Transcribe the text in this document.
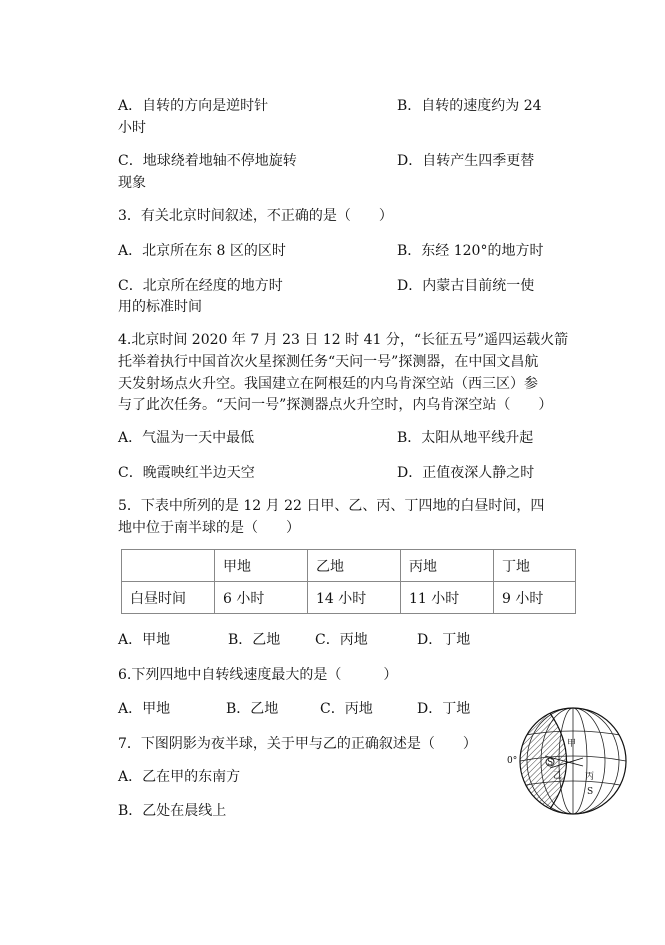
A．自转的方向是逆时针	B．自转的速度约为 24
小时
C．地球绕着地轴不停地旋转	D．自转产生四季更替
现象
3．有关北京时间叙述，不正确的是（　　）
A．北京所在东 8 区的区时	B．东经 120°的地方时
C．北京所在经度的地方时	D．内蒙古目前统一使
用的标准时间
4.北京时间 2020 年 7 月 23 日 12 时 41 分，“长征五号”遥四运载火箭
托举着执行中国首次火星探测任务“天问一号”探测器，在中国文昌航
天发射场点火升空。我国建立在阿根廷的内乌肯深空站（西三区）参
与了此次任务。“天问一号”探测器点火升空时，内乌肯深空站（　　）
A．气温为一天中最低	B．太阳从地平线升起
C．晚霞映红半边天空	D．正值夜深人静之时
5．下表中所列的是 12 月 22 日甲、乙、丙、丁四地的白昼时间，四
地中位于南半球的是（　　）
	甲地	乙地	丙地	丁地
白昼时间	6 小时	14 小时	11 小时	9 小时
A．甲地	B．乙地 C．丙地	D．丁地
6.下列四地中自转线速度最大的是（　　　）
A．甲地	B．乙地	C．丙地	D．丁地
7．下图阴影为夜半球，关于甲与乙的正确叙述是（　　）
A．乙在甲的东南方
B．乙处在晨线上
0°	S
甲
乙	丙
S
